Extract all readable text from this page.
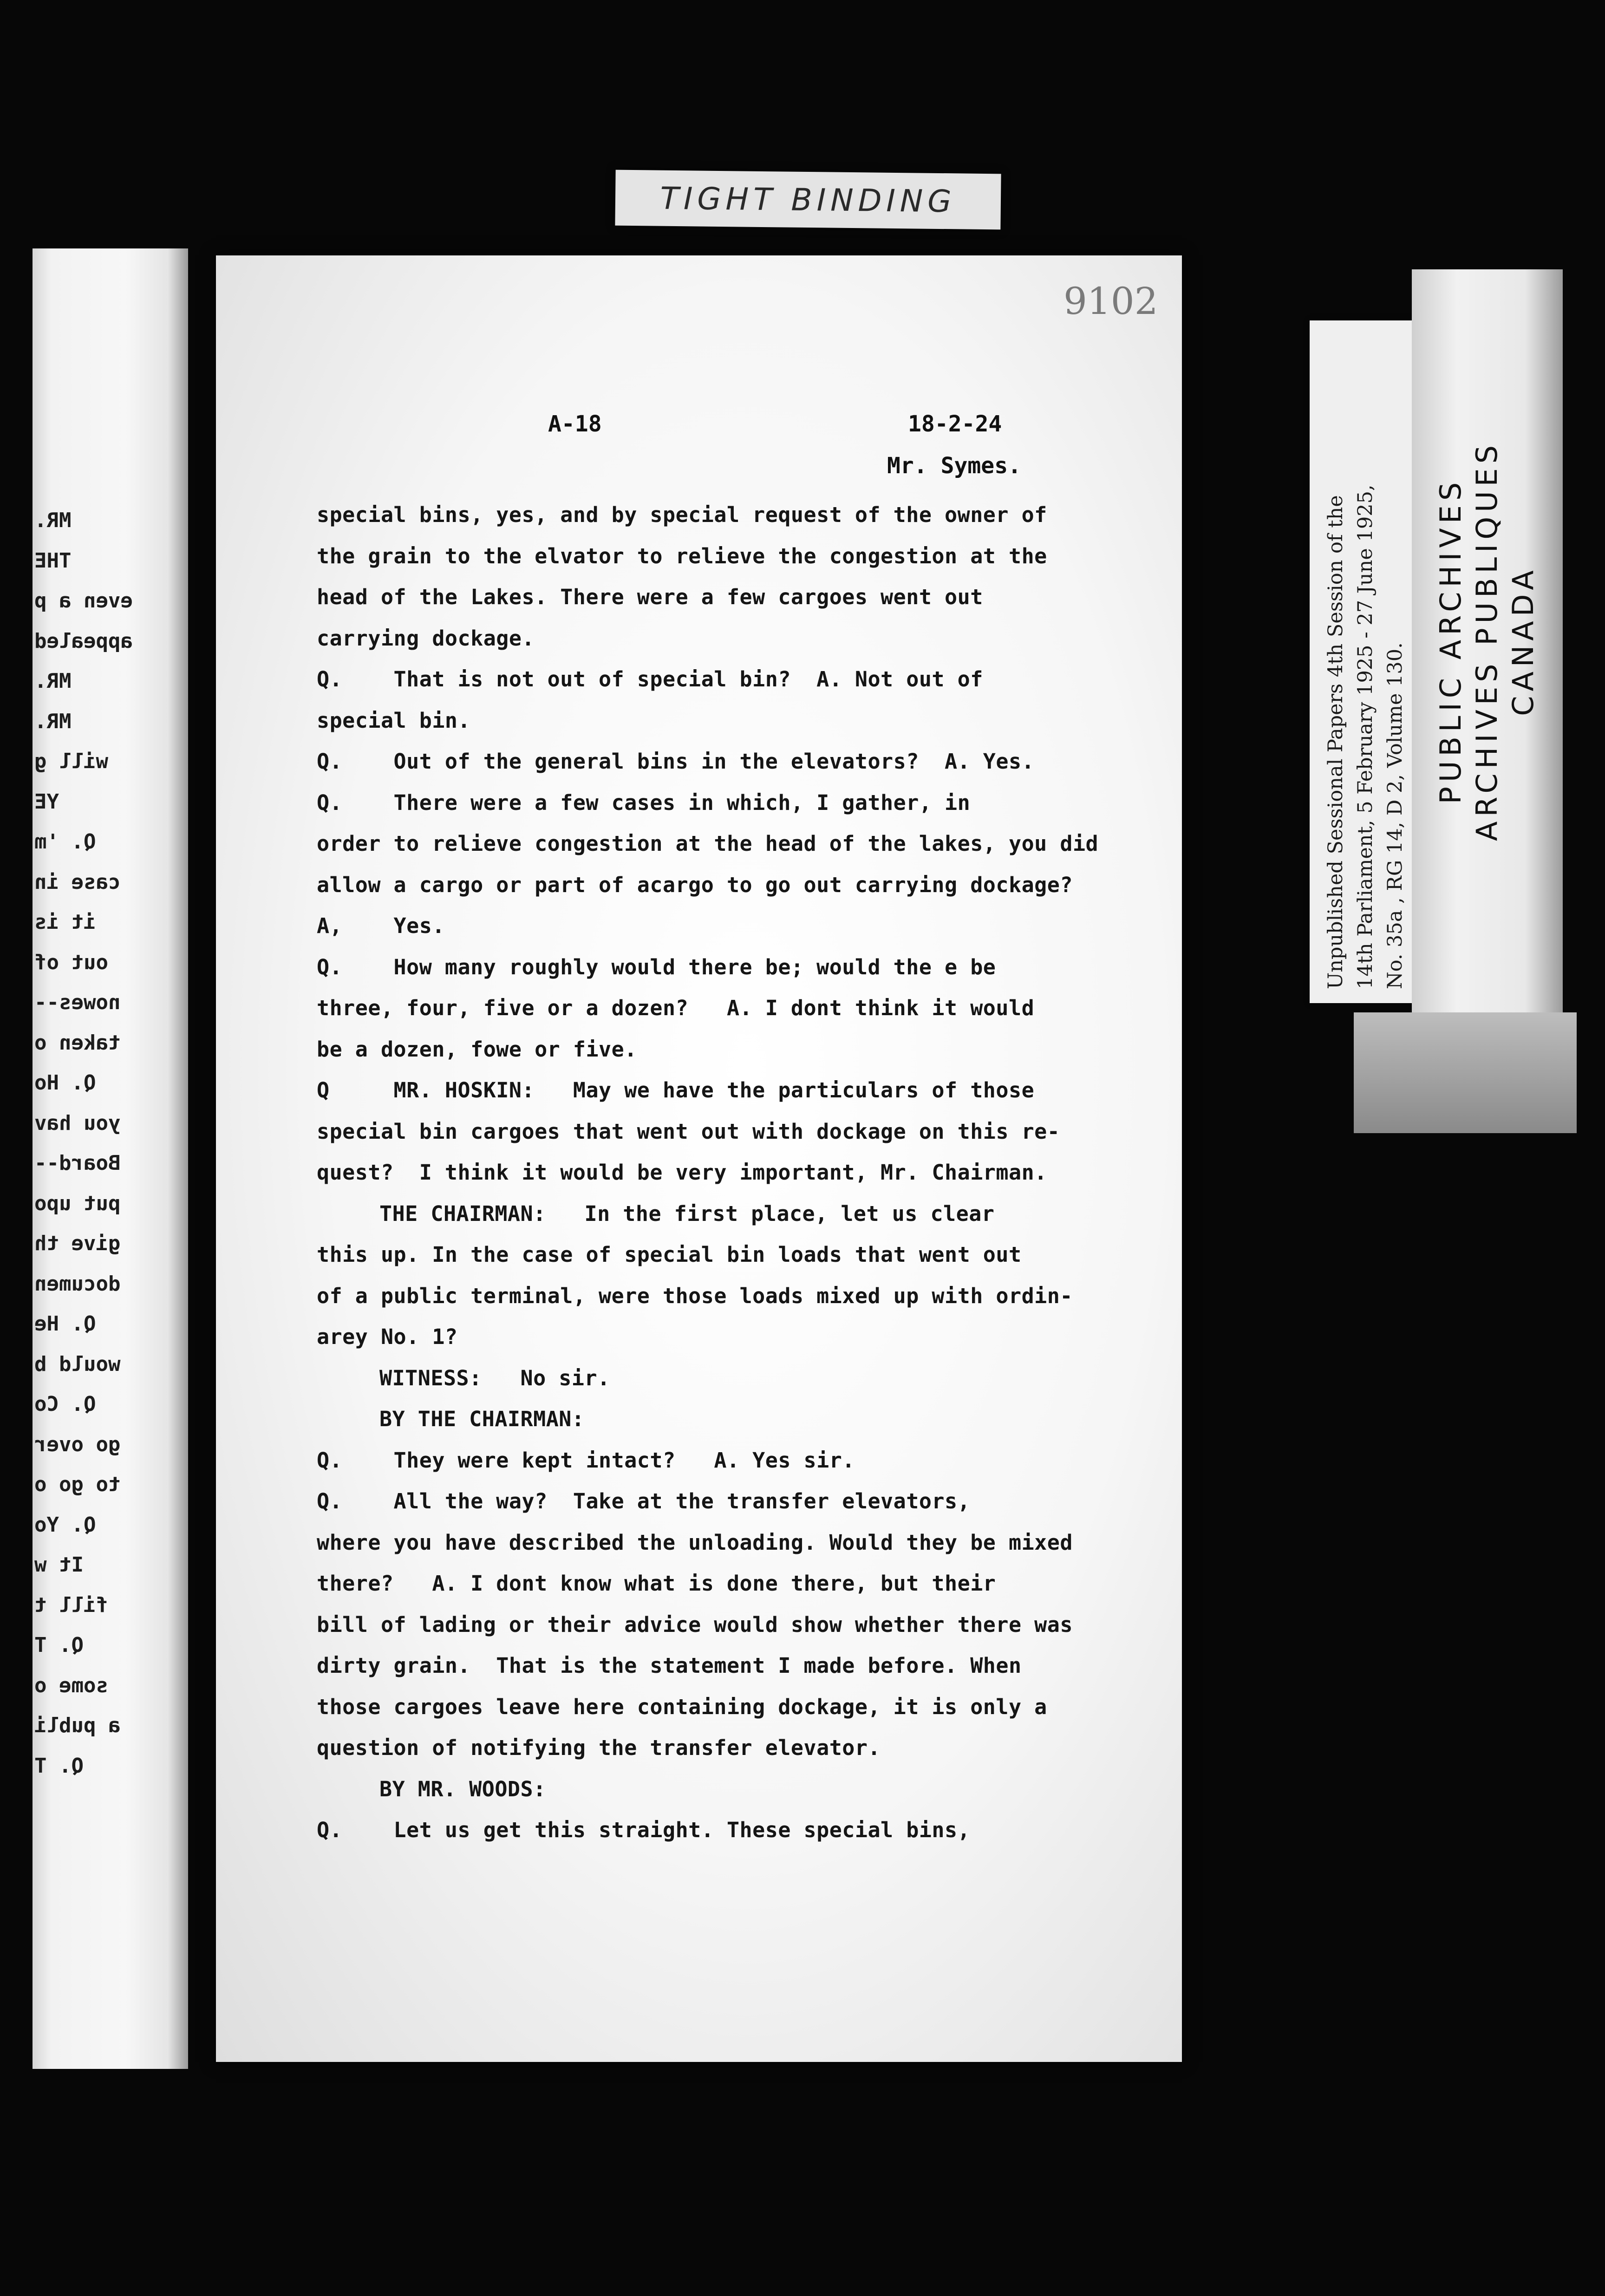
TIGHT BINDING
MR.
THE
even a p
appealed
MR.
MR.
will g
YE
Q. 'm
case in
it is
out of
nowes--
taken o
Q. Ho
you hav
Board--
put upo
give th
documen
Q. He
would b
Q. Co
go over
to go o
Q. Yo
It w
fill t
Q. T
some o
a publi
Q. T
9102
A-18	18-2-24
Mr. Symes.
special bins, yes, and by special request of the owner of
the grain to the elvator to relieve the congestion at the
head of the Lakes. There were a few cargoes went out
carrying dockage.
Q.    That is not out of special bin?  A. Not out of
special bin.
Q.    Out of the general bins in the elevators?  A. Yes.
Q.    There were a few cases in which, I gather, in
order to relieve congestion at the head of the lakes, you did
allow a cargo or part of acargo to go out carrying dockage?
A,    Yes.
Q.    How many roughly would there be; would the e be
three, four, five or a dozen?   A. I dont think it would
be a dozen, fowe or five.
Q     MR. HOSKIN:   May we have the particulars of those
special bin cargoes that went out with dockage on this re-
quest?  I think it would be very important, Mr. Chairman.
THE CHAIRMAN:   In the first place, let us clear
this up. In the case of special bin loads that went out
of a public terminal, were those loads mixed up with ordin-
arey No. 1?
WITNESS:   No sir.
BY THE CHAIRMAN:
Q.    They were kept intact?   A. Yes sir.
Q.    All the way?  Take at the transfer elevators,
where you have described the unloading. Would they be mixed
there?   A. I dont know what is done there, but their
bill of lading or their advice would show whether there was
dirty grain.  That is the statement I made before. When
those cargoes leave here containing dockage, it is only a
question of notifying the transfer elevator.
BY MR. WOODS:
Q.    Let us get this straight. These special bins,
Unpublished Sessional Papers 4th Session of the 14th Parliament, 5 February 1925 - 27 June 1925, No. 35a , RG 14, D 2, Volume 130.
PUBLIC ARCHIVES ARCHIVES PUBLIQUES CANADA
